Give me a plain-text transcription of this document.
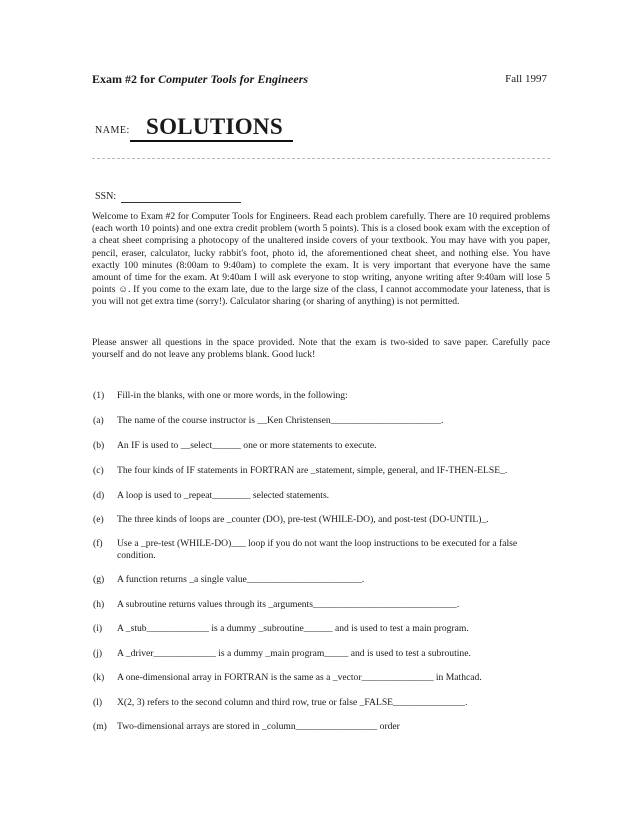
Exam #2 for Computer Tools for Engineers	Fall 1997
NAME: SOLUTIONS
SSN:
Welcome to Exam #2 for Computer Tools for Engineers. Read each problem carefully. There are 10 required problems (each worth 10 points) and one extra credit problem (worth 5 points). This is a closed book exam with the exception of a cheat sheet comprising a photocopy of the unaltered inside covers of your textbook. You may have with you paper, pencil, eraser, calculator, lucky rabbit's foot, photo id, the aforementioned cheat sheet, and nothing else. You have exactly 100 minutes (8:00am to 9:40am) to complete the exam. It is very important that everyone have the same amount of time for the exam. At 9:40am I will ask everyone to stop writing, anyone writing after 9:40am will lose 5 points ☺. If you come to the exam late, due to the large size of the class, I cannot accommodate your lateness, that is you will not get extra time (sorry!). Calculator sharing (or sharing of anything) is not permitted.
Please answer all questions in the space provided. Note that the exam is two-sided to save paper. Carefully pace yourself and do not leave any problems blank. Good luck!
(1) Fill-in the blanks, with one or more words, in the following:
(a) The name of the course instructor is __Ken Christensen_______________________.
(b) An IF is used to __select______ one or more statements to execute.
(c) The four kinds of IF statements in FORTRAN are _statement, simple, general, and IF-THEN-ELSE_.
(d) A loop is used to _repeat________ selected statements.
(e) The three kinds of loops are _counter (DO), pre-test (WHILE-DO), and post-test (DO-UNTIL)_.
(f) Use a _pre-test (WHILE-DO)___ loop if you do not want the loop instructions to be executed for a false condition.
(g) A function returns _a single value________________________.
(h) A subroutine returns values through its _arguments______________________________.
(i) A _stub_____________ is a dummy _subroutine______ and is used to test a main program.
(j) A _driver_____________ is a dummy _main program_____ and is used to test a subroutine.
(k) A one-dimensional array in FORTRAN is the same as a _vector_______________ in Mathcad.
(l) X(2, 3) refers to the second column and third row, true or false _FALSE_______________.
(m) Two-dimensional arrays are stored in _column_________________ order
